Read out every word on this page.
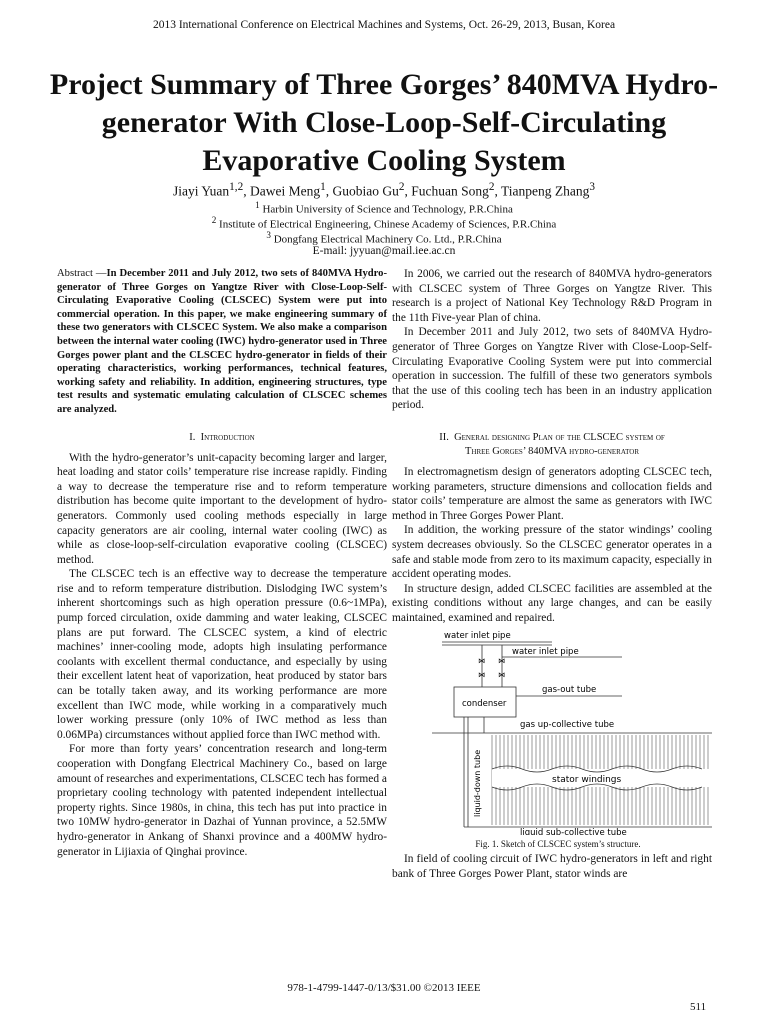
2013 International Conference on Electrical Machines and Systems, Oct. 26-29, 2013, Busan, Korea
Project Summary of Three Gorges’ 840MVA Hydro-generator With Close-Loop-Self-Circulating Evaporative Cooling System
Jiayi Yuan$^{1,2}$, Dawei Meng$^1$, Guobiao Gu$^2$, Fuchuan Song$^2$, Tianpeng Zhang$^3$
$^1$ Harbin University of Science and Technology, P.R.China
$^2$ Institute of Electrical Engineering, Chinese Academy of Sciences, P.R.China
$^3$ Dongfang Electrical Machinery Co. Ltd., P.R.China
E-mail: jyyuan@mail.iee.ac.cn

Abstract —In December 2011 and July 2012, two sets of 840MVA Hydro-generator of Three Gorges on Yangtze River with Close-Loop-Self-Circulating Evaporative Cooling (CLSCEC) System were put into commercial operation. In this paper, we make engineering summary of these two generators with CLSCEC System. We also make a comparison between the internal water cooling (IWC) hydro-generator used in Three Gorges power plant and the CLSCEC hydro-generator in fields of their operating characteristics, working performances, technical features, working safety and reliability. In addition, engineering structures, type test results and systematic emulating calculation of CLSCEC schemes are analyzed.

I. Introduction

With the hydro-generator’s unit-capacity becoming larger and larger, heat loading and stator coils’ temperature rise increase rapidly. Finding a way to decrease the temperature rise and to reform temperature distribution has become quite important to the development of hydro-generators. Commonly used cooling methods especially in large capacity generators are air cooling, internal water cooling (IWC) as while as close-loop-self-circulation evaporative cooling (CLSCEC) method.

The CLSCEC tech is an effective way to decrease the temperature rise and to reform temperature distribution. Dislodging IWC system’s inherent shortcomings such as high operation pressure (0.6~1MPa), pump forced circulation, oxide damming and water leaking, CLSCEC plans are put forward. The CLSCEC system, a kind of electric machines’ inner-cooling mode, adopts high insulating performance coolants with excellent thermal conductance, and especially by using their excellent latent heat of vaporization, heat produced by stator bars can be totally taken away, and its working performance are more excellent than IWC mode, while working in a comparatively much lower working pressure (only 10% of IWC method as less than 0.06MPa) circumstances without applied force than IWC method with.

For more than forty years’ concentration research and long-term cooperation with Dongfang Electrical Machinery Co., based on large amount of researches and experimentations, CLSCEC tech has formed a proprietary cooling technology with patented independent intellectual property rights. Since 1980s, in china, this tech has put into practice in two 10MW hydro-generator in Dazhai of Yunnan province, a 52.5MW hydro-generator in Ankang of Shanxi province and a 400MW hydro-generator in Lijiaxia of Qinghai province.

In 2006, we carried out the research of 840MVA hydro-generators with CLSCEC system of Three Gorges on Yangtze River. This research is a project of National Key Technology R&D Program in the 11th Five-year Plan of china.

In December 2011 and July 2012, two sets of 840MVA Hydro-generator of Three Gorges on Yangtze River with Close-Loop-Self-Circulating Evaporative Cooling System were put into commercial operation in succession. The fulfill of these two generators symbols that the use of this cooling tech has been in an industry application period.

II. General designing Plan of the CLSCEC system of
Three Gorges’ 840MVA hydro-generator

In electromagnetism design of generators adopting CLSCEC tech, working parameters, structure dimensions and collocation fields and stator coils’ temperature are almost the same as generators with IWC method in Three Gorges Power Plant.

In addition, the working pressure of the stator windings’ cooling system decreases obviously. So the CLSCEC generator operates in a safe and stable mode from zero to its maximum capacity, especially in accident operating modes.

In structure design, added CLSCEC facilities are assembled at the existing conditions without any large changes, and can be easily maintained, examined and repaired.

water inlet pipe
water inlet pipe
⋈ ⋈
⋈ ⋈
condenser
gas-out tube
gas up-collective tube
liquid-down tube	stator windings
liquid sub-collective tube

Fig. 1. Sketch of CLSCEC system’s structure.

In field of cooling circuit of IWC hydro-generators in left and right bank of Three Gorges Power Plant, stator winds are

978-1-4799-1447-0/13/$31.00 ©2013 IEEE
511
